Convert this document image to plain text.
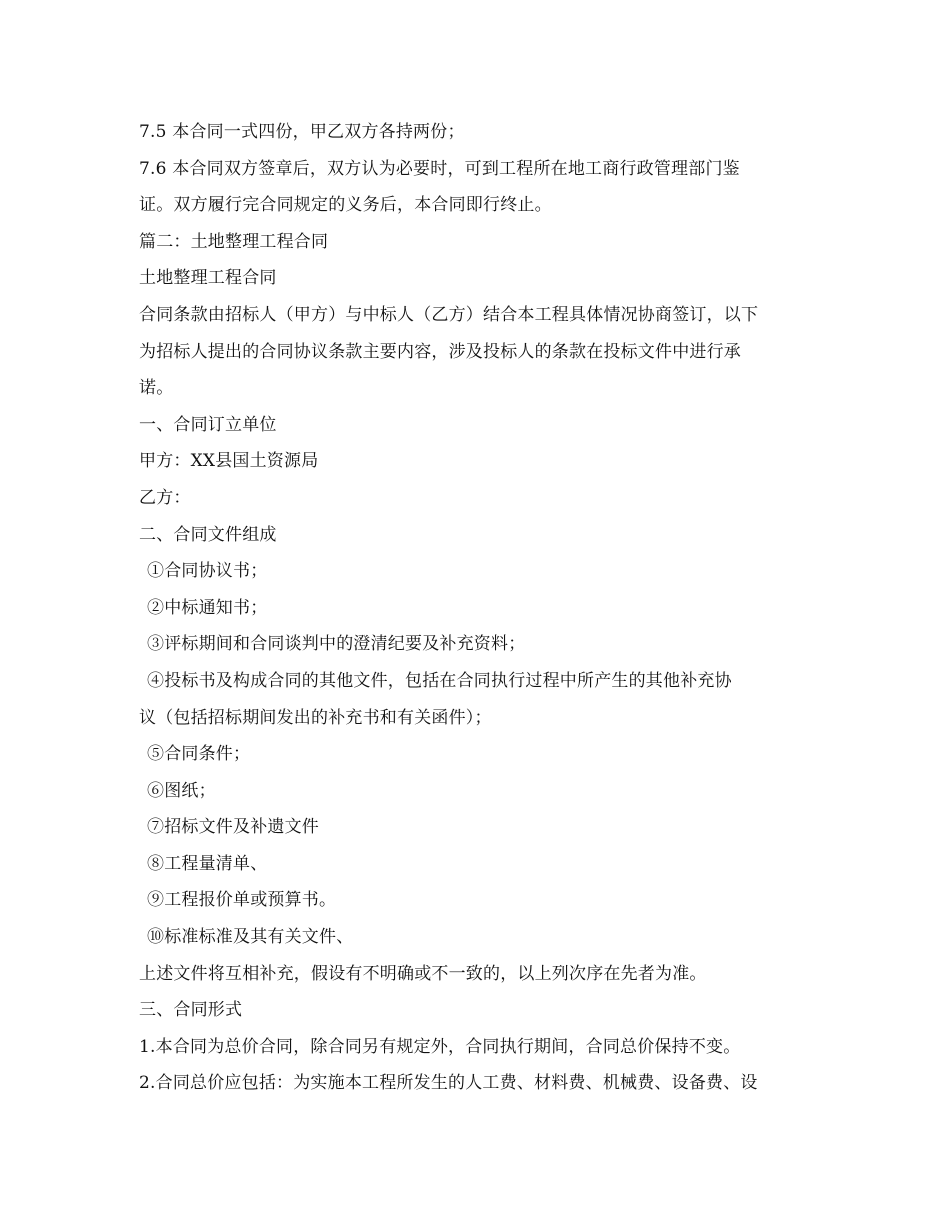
7.5 本合同一式四份，甲乙双方各持两份；
7.6 本合同双方签章后，双方认为必要时，可到工程所在地工商行政管理部门鉴
证。双方履行完合同规定的义务后，本合同即行终止。
篇二：土地整理工程合同
土地整理工程合同
合同条款由招标人（甲方）与中标人（乙方）结合本工程具体情况协商签订，以下
为招标人提出的合同协议条款主要内容，涉及投标人的条款在投标文件中进行承
诺。
一、合同订立单位
甲方：XX县国土资源局
乙方：
二、合同文件组成
①合同协议书；
②中标通知书；
③评标期间和合同谈判中的澄清纪要及补充资料；
④投标书及构成合同的其他文件，包括在合同执行过程中所产生的其他补充协
议（包括招标期间发出的补充书和有关函件）；
⑤合同条件；
⑥图纸；
⑦招标文件及补遗文件
⑧工程量清单、
⑨工程报价单或预算书。
⑩标准标准及其有关文件、
上述文件将互相补充，假设有不明确或不一致的，以上列次序在先者为准。
三、合同形式
1.本合同为总价合同，除合同另有规定外，合同执行期间，合同总价保持不变。
2.合同总价应包括：为实施本工程所发生的人工费、材料费、机械费、设备费、设
